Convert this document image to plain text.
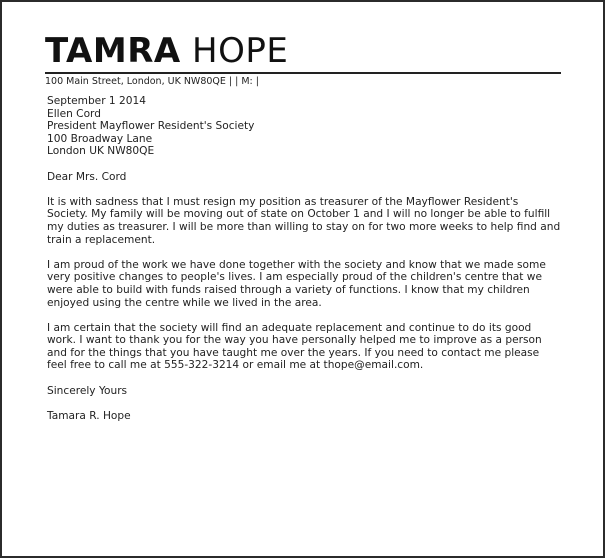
TAMRA HOPE
100 Main Street, London, UK NW80QE | | M: |

September 1 2014

Ellen Cord

President Mayflower Resident's Society

100 Broadway Lane

London UK NW80QE

Dear Mrs. Cord

It is with sadness that I must resign my position as treasurer of the Mayflower Resident's Society. My family will be moving out of state on October 1 and I will no longer be able to fulfill my duties as treasurer. I will be more than willing to stay on for two more weeks to help find and train a replacement.

I am proud of the work we have done together with the society and know that we made some very positive changes to people's lives. I am especially proud of the children's centre that we were able to build with funds raised through a variety of functions. I know that my children enjoyed using the centre while we lived in the area.

I am certain that the society will find an adequate replacement and continue to do its good work. I want to thank you for the way you have personally helped me to improve as a person and for the things that you have taught me over the years. If you need to contact me please feel free to call me at 555-322-3214 or email me at thope@email.com.

Sincerely Yours

Tamara R. Hope
